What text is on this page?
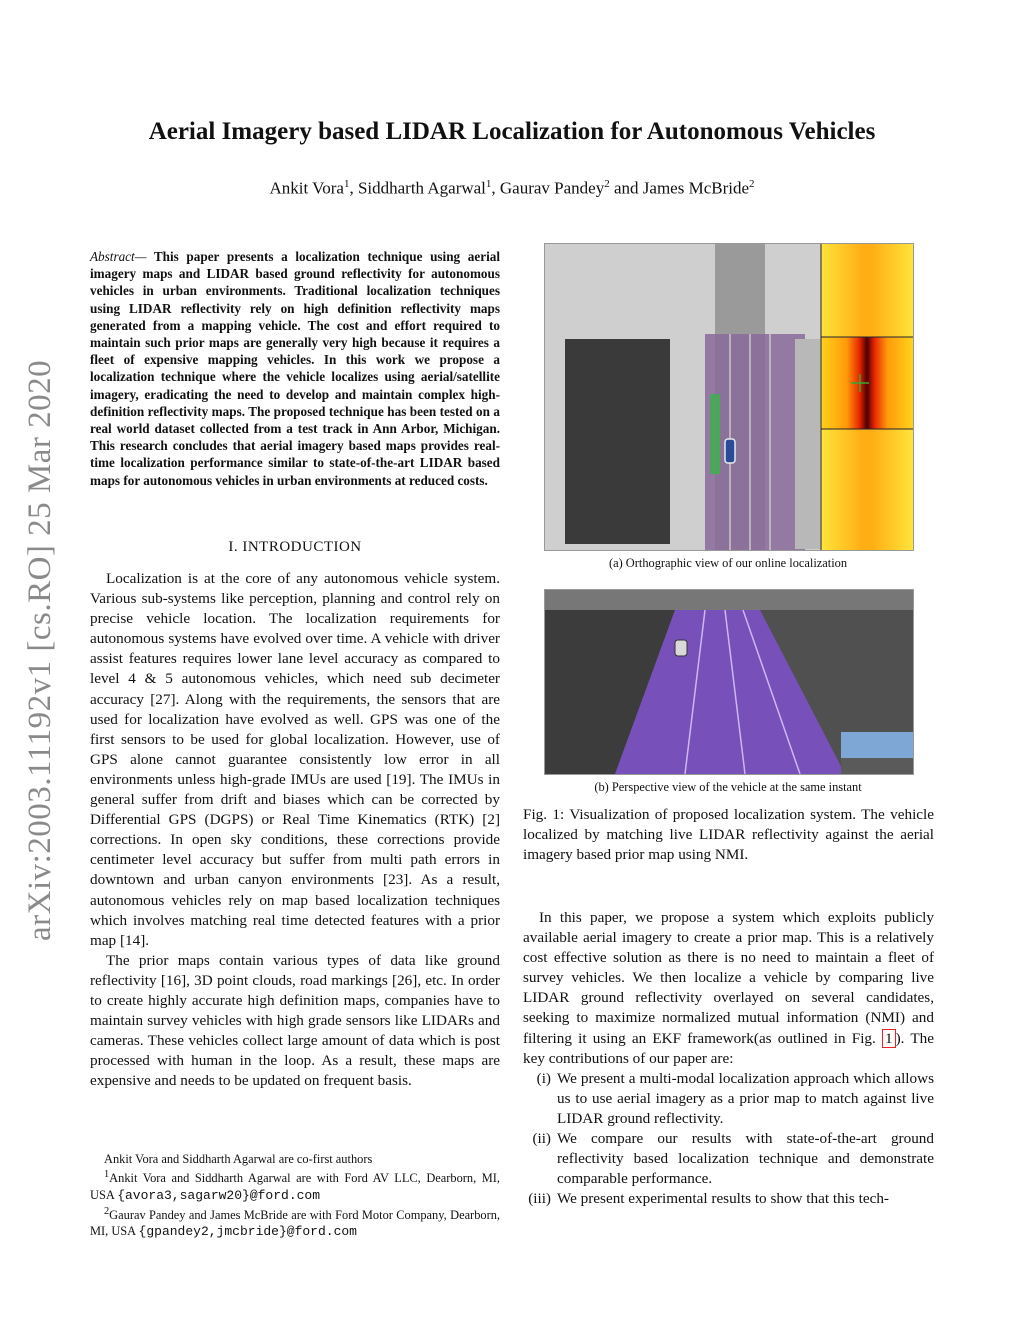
arXiv:2003.11192v1 [cs.RO] 25 Mar 2020
Aerial Imagery based LIDAR Localization for Autonomous Vehicles
Ankit Vora$^1$, Siddharth Agarwal$^1$, Gaurav Pandey$^2$ and James McBride$^2$
Abstract— This paper presents a localization technique using aerial imagery maps and LIDAR based ground reflectivity for autonomous vehicles in urban environments. Traditional localization techniques using LIDAR reflectivity rely on high definition reflectivity maps generated from a mapping vehicle. The cost and effort required to maintain such prior maps are generally very high because it requires a fleet of expensive mapping vehicles. In this work we propose a localization technique where the vehicle localizes using aerial/satellite imagery, eradicating the need to develop and maintain complex high-definition reflectivity maps. The proposed technique has been tested on a real world dataset collected from a test track in Ann Arbor, Michigan. This research concludes that aerial imagery based maps provides real-time localization performance similar to state-of-the-art LIDAR based maps for autonomous vehicles in urban environments at reduced costs.
I. INTRODUCTION

Localization is at the core of any autonomous vehicle system. Various sub-systems like perception, planning and control rely on precise vehicle location. The localization requirements for autonomous systems have evolved over time. A vehicle with driver assist features requires lower lane level accuracy as compared to level 4 & 5 autonomous vehicles, which need sub decimeter accuracy [27]. Along with the requirements, the sensors that are used for localization have evolved as well. GPS was one of the first sensors to be used for global localization. However, use of GPS alone cannot guarantee consistently low error in all environments unless high-grade IMUs are used [19]. The IMUs in general suffer from drift and biases which can be corrected by Differential GPS (DGPS) or Real Time Kinematics (RTK) [2] corrections. In open sky conditions, these corrections provide centimeter level accuracy but suffer from multi path errors in downtown and urban canyon environments [23]. As a result, autonomous vehicles rely on map based localization techniques which involves matching real time detected features with a prior map [14].

The prior maps contain various types of data like ground reflectivity [16], 3D point clouds, road markings [26], etc. In order to create highly accurate high definition maps, companies have to maintain survey vehicles with high grade sensors like LIDARs and cameras. These vehicles collect large amount of data which is post processed with human in the loop. As a result, these maps are expensive and needs to be updated on frequent basis.

Ankit Vora and Siddharth Agarwal are co-first authors

$^1$Ankit Vora and Siddharth Agarwal are with Ford AV LLC, Dearborn, MI, USA {avora3,sagarw20}@ford.com

$^2$Gaurav Pandey and James McBride are with Ford Motor Company, Dearborn, MI, USA {gpandey2,jmcbride}@ford.com

(a) Orthographic view of our online localization
(b) Perspective view of the vehicle at the same instant
Fig. 1: Visualization of proposed localization system. The vehicle localized by matching live LIDAR reflectivity against the aerial imagery based prior map using NMI.

In this paper, we propose a system which exploits publicly available aerial imagery to create a prior map. This is a relatively cost effective solution as there is no need to maintain a fleet of survey vehicles. We then localize a vehicle by comparing live LIDAR ground reflectivity overlayed on several candidates, seeking to maximize normalized mutual information (NMI) and filtering it using an EKF framework(as outlined in Fig. 1 ). The key contributions of our paper are:

(i) We present a multi-modal localization approach which allows us to use aerial imagery as a prior map to match against live LIDAR ground reflectivity.

(ii) We compare our results with state-of-the-art ground reflectivity based localization technique and demonstrate comparable performance.

(iii) We present experimental results to show that this tech-
